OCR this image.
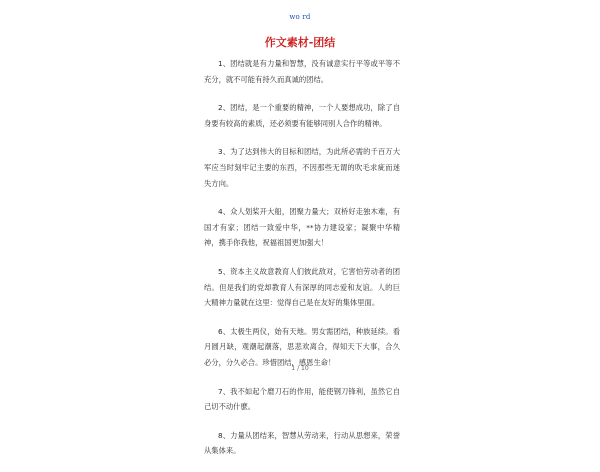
wo rd
作文素材-团结

1、团结就是有力量和智慧，没有诚意实行平等或平等不充分，就不可能有持久而真诚的团结。

2、团结，是一个重要的精神，一个人要想成功，除了自身要有较高的素质，还必须要有能够同别人合作的精神。

3、为了达到伟大的目标和团结，为此所必需的千百万大军应当时刻牢记主要的东西，不因那些无谓的吹毛求疵而迷失方向。

4、众人划桨开大船，团聚力量大；双桥好走独木难，有国才有家；团结一致爱中华，**协力建设家；凝聚中华精神，携手你我他，祝福祖国更加强大！

5、资本主义故意教育人们彼此敌对，它害怕劳动者的团结。但是我们的党却教育人有深厚的同志爱和友谊。人的巨大精神力量就在这里：觉得自己是在友好的集体里面。

6、太极生两仪，始有天地。男女需团结，种族延续。看月圆月缺，观潮起潮落，思悲欢离合，得知天下大事，合久必分，分久必合。珍惜团结，感恩生命！

7、我不如起个磨刀石的作用，能使钢刀锋利，虽然它自己切不动什麽。

8、力量从团结来，智慧从劳动来，行动从思想来，荣誉从集体来。

1 / 10
